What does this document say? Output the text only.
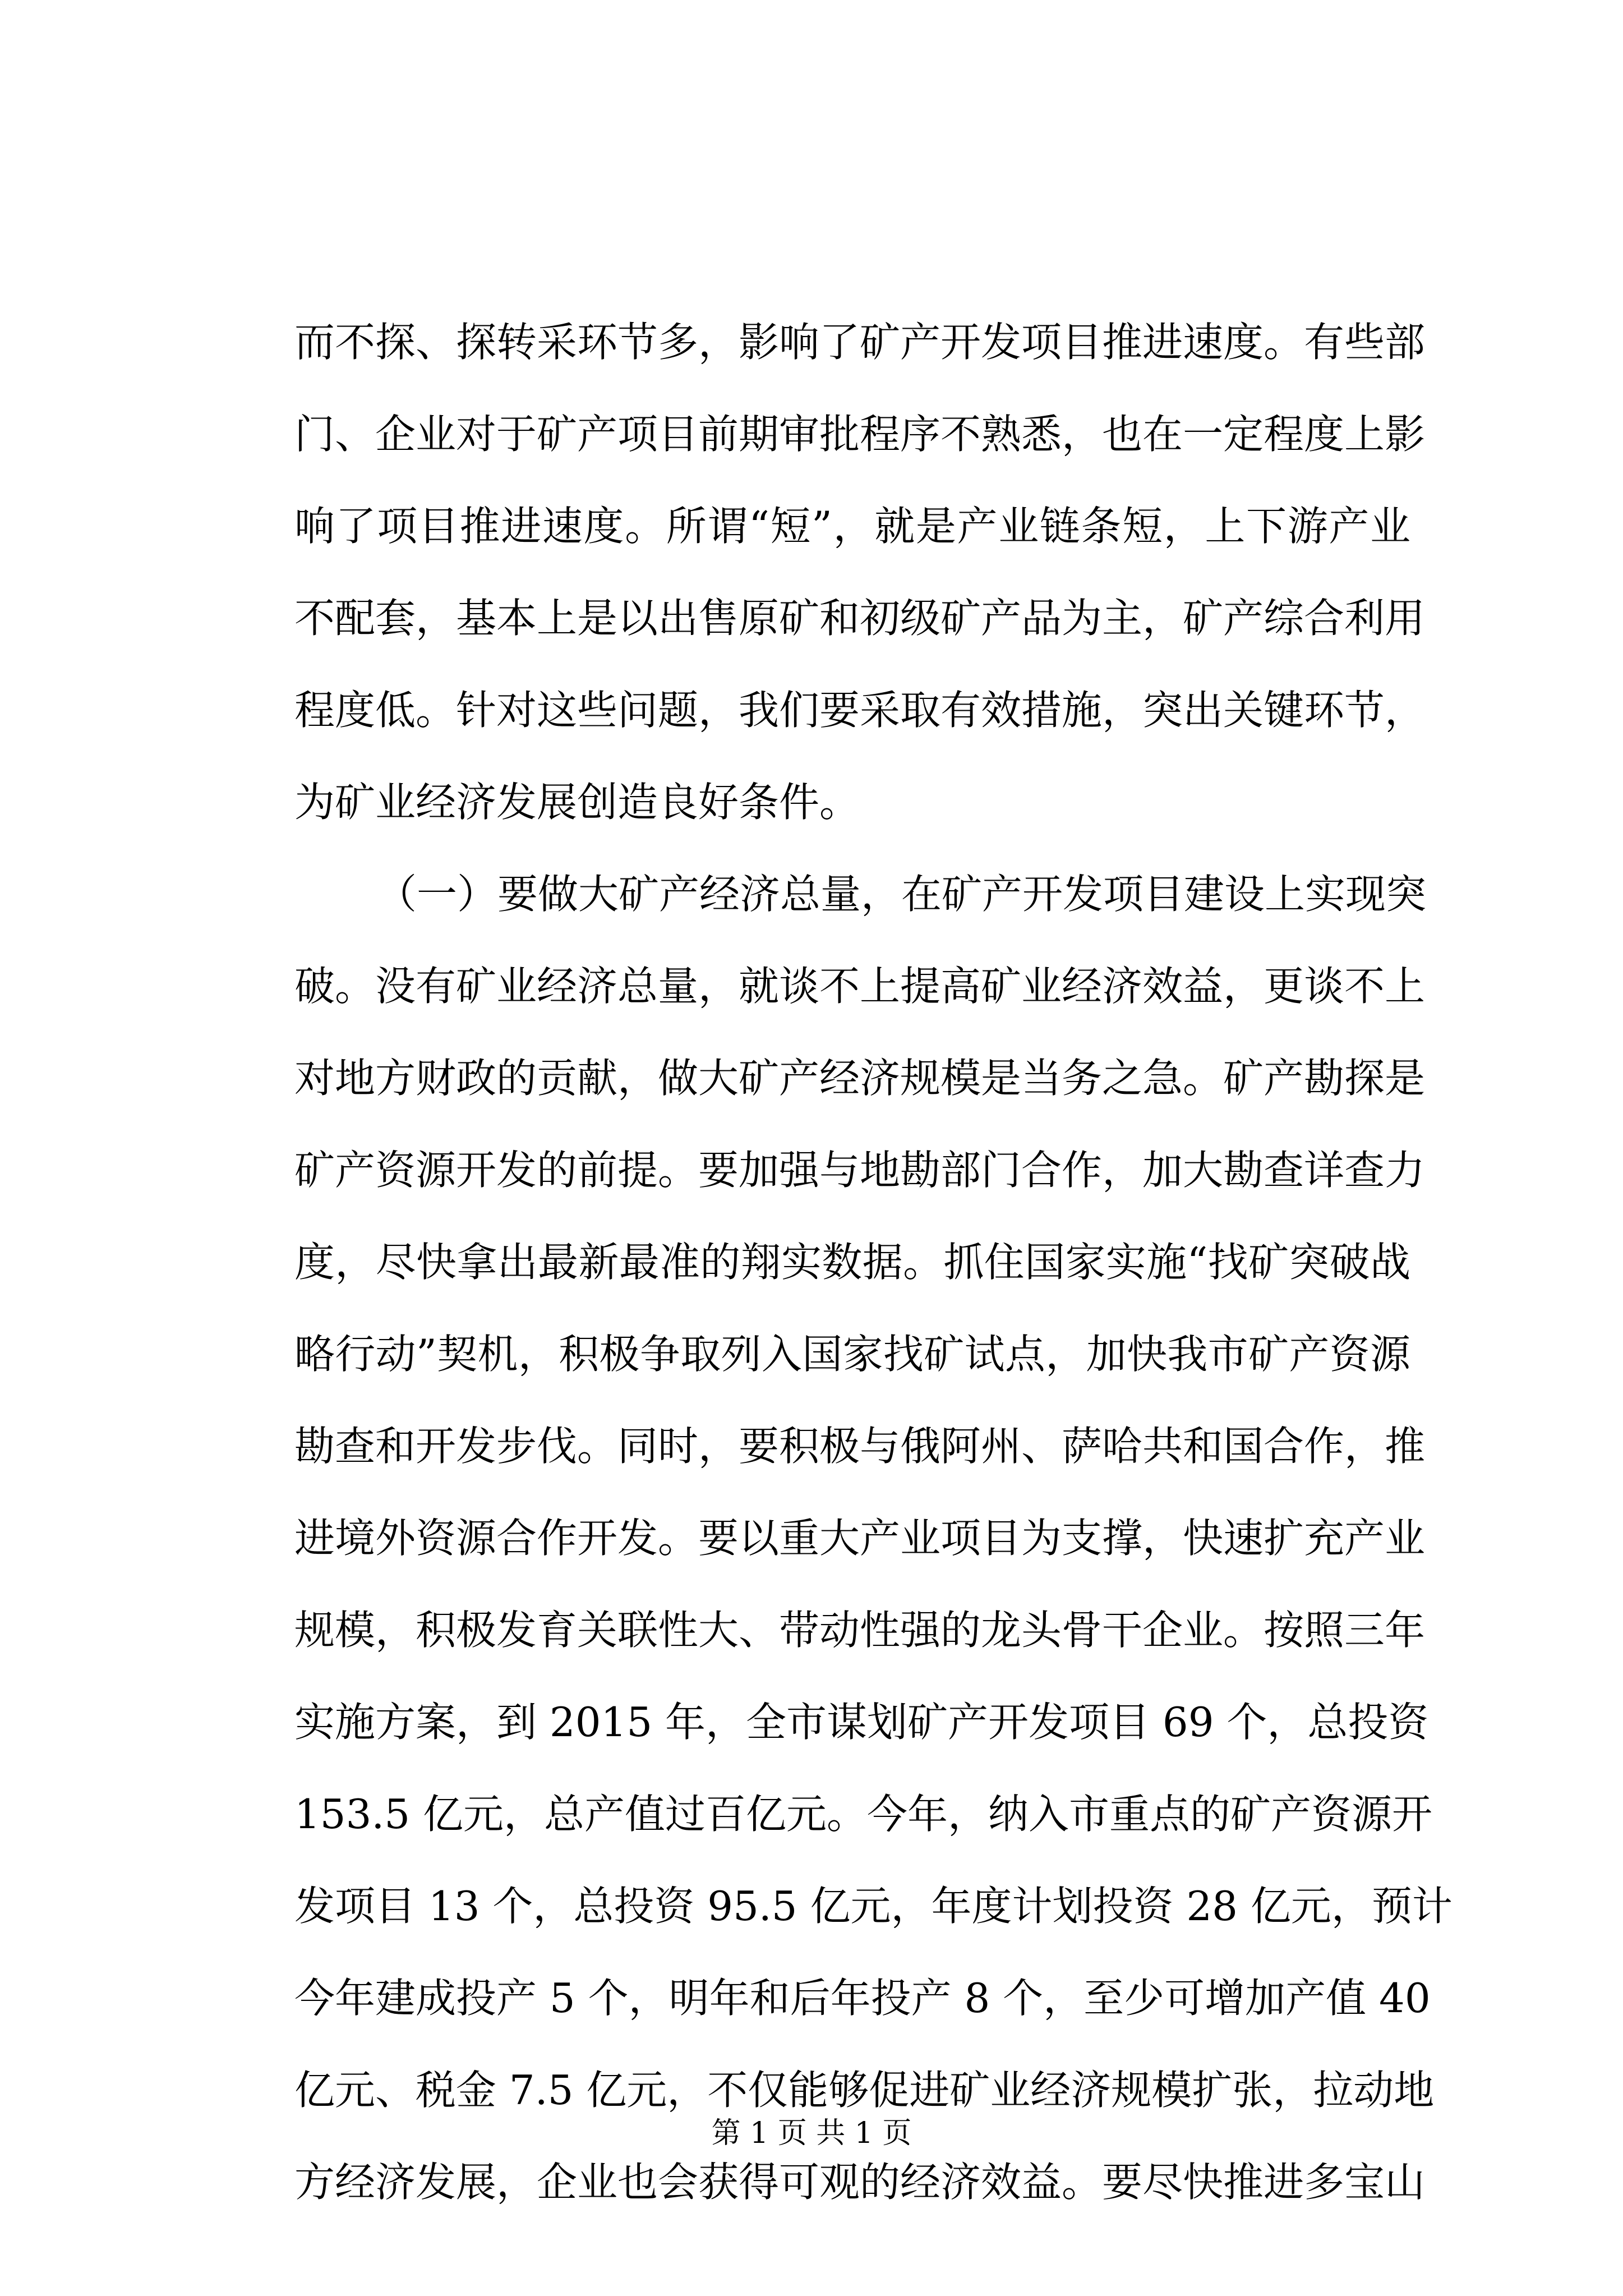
而不探、探转采环节多，影响了矿产开发项目推进速度。有些部
门、企业对于矿产项目前期审批程序不熟悉，也在一定程度上影
响了项目推进速度。所谓“短”，就是产业链条短，上下游产业
不配套，基本上是以出售原矿和初级矿产品为主，矿产综合利用
程度低。针对这些问题，我们要采取有效措施，突出关键环节，
为矿业经济发展创造良好条件。
（一）要做大矿产经济总量，在矿产开发项目建设上实现突
破。没有矿业经济总量，就谈不上提高矿业经济效益，更谈不上
对地方财政的贡献，做大矿产经济规模是当务之急。矿产勘探是
矿产资源开发的前提。要加强与地勘部门合作，加大勘查详查力
度，尽快拿出最新最准的翔实数据。抓住国家实施“找矿突破战
略行动”契机，积极争取列入国家找矿试点，加快我市矿产资源
勘查和开发步伐。同时，要积极与俄阿州、萨哈共和国合作，推
进境外资源合作开发。要以重大产业项目为支撑，快速扩充产业
规模，积极发育关联性大、带动性强的龙头骨干企业。按照三年
实施方案，到 2015 年，全市谋划矿产开发项目 69 个，总投资
153.5 亿元，总产值过百亿元。今年，纳入市重点的矿产资源开
发项目 13 个，总投资 95.5 亿元，年度计划投资 28 亿元，预计
今年建成投产 5 个，明年和后年投产 8 个，至少可增加产值 40
亿元、税金 7.5 亿元，不仅能够促进矿业经济规模扩张，拉动地
方经济发展，企业也会获得可观的经济效益。要尽快推进多宝山
第 1 页 共 1 页
